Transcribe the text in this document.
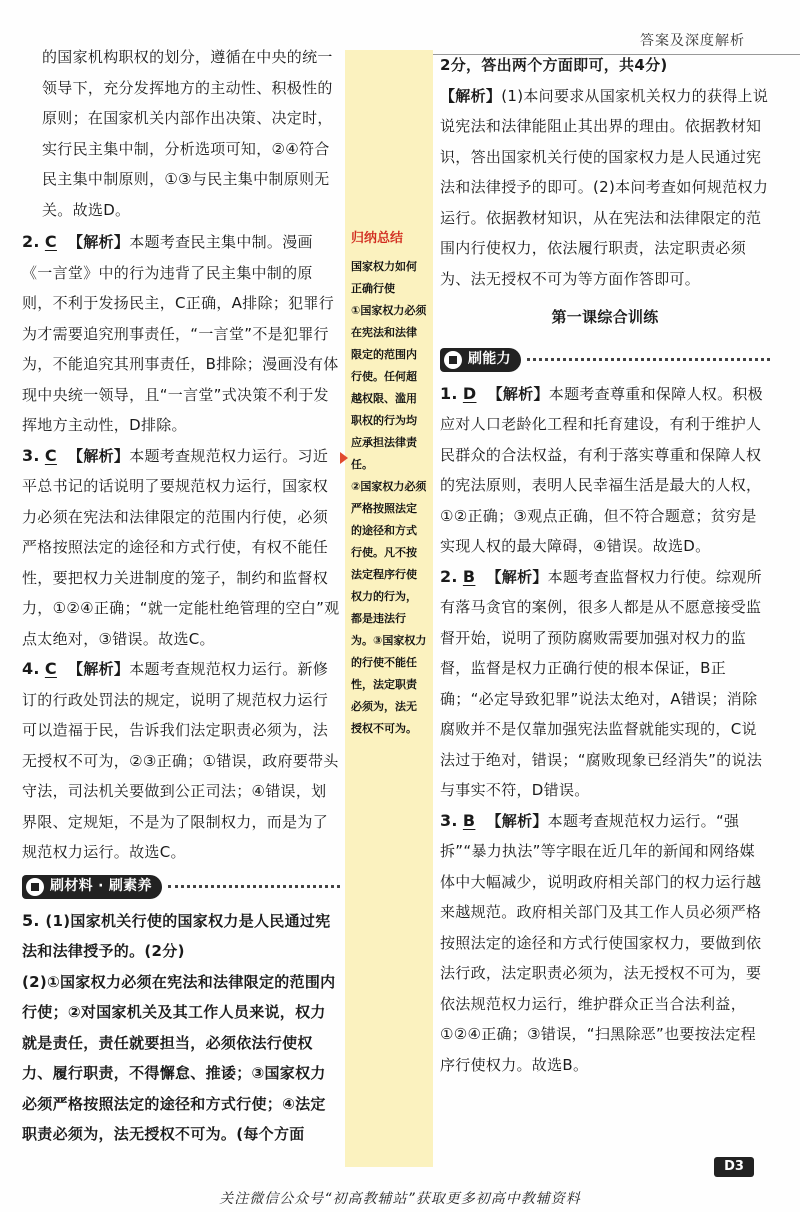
答案及深度解析

的国家机构职权的划分，遵循在中央的统一领导下，充分发挥地方的主动性、积极性的原则；在国家机关内部作出决策、决定时，实行民主集中制，分析选项可知，②④符合民主集中制原则，①③与民主集中制原则无关。故选D。

2. C 【解析】本题考查民主集中制。漫画《一言堂》中的行为违背了民主集中制的原则，不利于发扬民主，C正确，A排除；犯罪行为才需要追究刑事责任，“一言堂”不是犯罪行为，不能追究其刑事责任，B排除；漫画没有体现中央统一领导，且“一言堂”式决策不利于发挥地方主动性，D排除。

3. C 【解析】本题考查规范权力运行。习近平总书记的话说明了要规范权力运行，国家权力必须在宪法和法律限定的范围内行使，必须严格按照法定的途径和方式行使，有权不能任性，要把权力关进制度的笼子，制约和监督权力，①②④正确；“就一定能杜绝管理的空白”观点太绝对，③错误。故选C。

4. C 【解析】本题考查规范权力运行。新修订的行政处罚法的规定，说明了规范权力运行可以造福于民，告诉我们法定职责必须为，法无授权不可为，②③正确；①错误，政府要带头守法，司法机关要做到公正司法；④错误，划界限、定规矩，不是为了限制权力，而是为了规范权力运行。故选C。

刷材料 · 刷素养

5. (1)国家机关行使的国家权力是人民通过宪法和法律授予的。(2分)

(2)①国家权力必须在宪法和法律限定的范围内行使；②对国家机关及其工作人员来说，权力就是责任，责任就要担当，必须依法行使权力、履行职责，不得懈怠、推诿；③国家权力必须严格按照法定的途径和方式行使；④法定职责必须为，法无授权不可为。(每个方面

归纳总结
国家权力如何正确行使
①国家权力必须在宪法和法律限定的范围内行使。任何超越权限、滥用职权的行为均应承担法律责任。
②国家权力必须严格按照法定的途径和方式行使。凡不按法定程序行使权力的行为，都是违法行为。③国家权力的行使不能任性，法定职责必须为，法无授权不可为。

2分，答出两个方面即可，共4分)

【解析】(1)本问要求从国家机关权力的获得上说说宪法和法律能阻止其出界的理由。依据教材知识，答出国家机关行使的国家权力是人民通过宪法和法律授予的即可。(2)本问考查如何规范权力运行。依据教材知识，从在宪法和法律限定的范围内行使权力，依法履行职责，法定职责必须为、法无授权不可为等方面作答即可。

第一课综合训练
刷能力

1. D 【解析】本题考查尊重和保障人权。积极应对人口老龄化工程和托育建设，有利于维护人民群众的合法权益，有利于落实尊重和保障人权的宪法原则，表明人民幸福生活是最大的人权，①②正确；③观点正确，但不符合题意；贫穷是实现人权的最大障碍，④错误。故选D。

2. B 【解析】本题考查监督权力行使。综观所有落马贪官的案例，很多人都是从不愿意接受监督开始，说明了预防腐败需要加强对权力的监督，监督是权力正确行使的根本保证，B正确；“必定导致犯罪”说法太绝对，A错误；消除腐败并不是仅靠加强宪法监督就能实现的，C说法过于绝对，错误；“腐败现象已经消失”的说法与事实不符，D错误。

3. B 【解析】本题考查规范权力运行。“强拆”“暴力执法”等字眼在近几年的新闻和网络媒体中大幅减少，说明政府相关部门的权力运行越来越规范。政府相关部门及其工作人员必须严格按照法定的途径和方式行使国家权力，要做到依法行政，法定职责必须为，法无授权不可为，要依法规范权力运行，维护群众正当合法利益，①②④正确；③错误，“扫黑除恶”也要按法定程序行使权力。故选B。

D3
关注微信公众号“初高教辅站”获取更多初高中教辅资料
